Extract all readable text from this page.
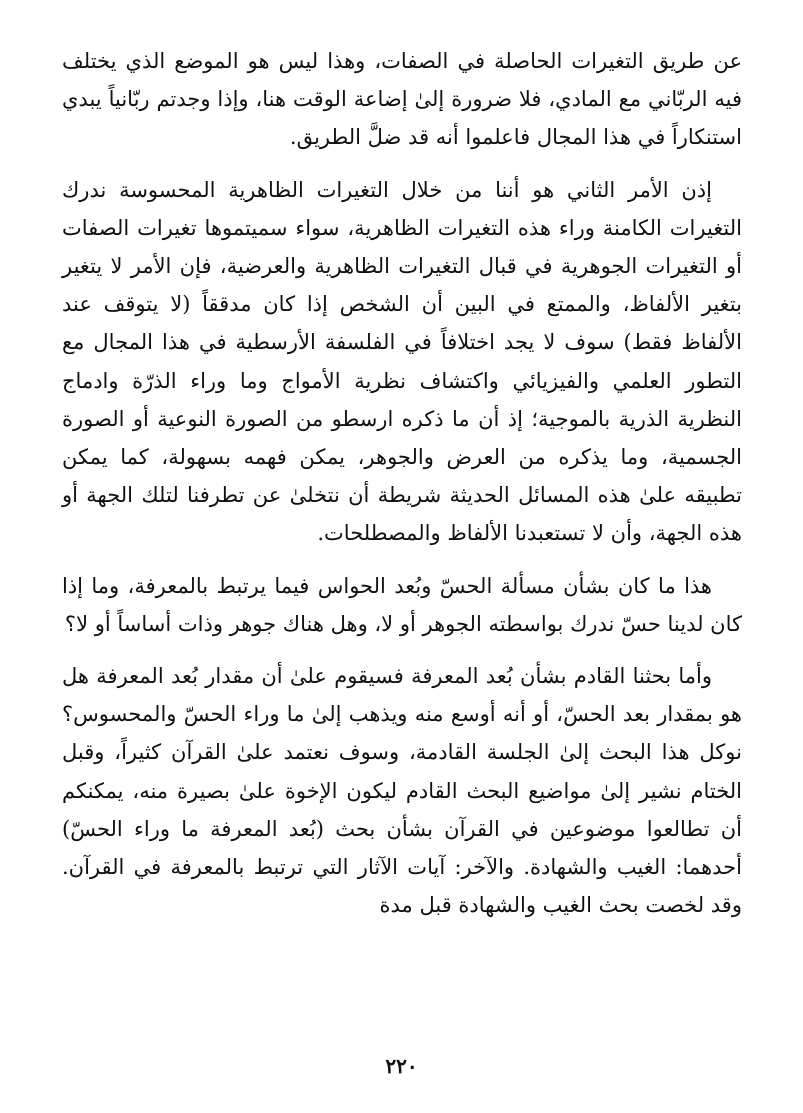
عن طريق التغيرات الحاصلة في الصفات، وهذا ليس هو الموضع الذي يختلف فيه الربّاني مع المادي، فلا ضرورة إلىٰ إضاعة الوقت هنا، وإذا وجدتم ربّانياً يبدي استنكاراً في هذا المجال فاعلموا أنه قد ضلَّ الطريق.

إذن الأمر الثاني هو أننا من خلال التغيرات الظاهرية المحسوسة ندرك التغيرات الكامنة وراء هذه التغيرات الظاهرية، سواء سميتموها تغيرات الصفات أو التغيرات الجوهرية في قبال التغيرات الظاهرية والعرضية، فإن الأمر لا يتغير بتغير الألفاظ، والممتع في البين أن الشخص إذا كان مدققاً (لا يتوقف عند الألفاظ فقط) سوف لا يجد اختلافاً في الفلسفة الأرسطية في هذا المجال مع التطور العلمي والفيزيائي واكتشاف نظرية الأمواج وما وراء الذرّة وادماج النظرية الذرية بالموجية؛ إذ أن ما ذكره ارسطو من الصورة النوعية أو الصورة الجسمية، وما يذكره من العرض والجوهر، يمكن فهمه بسهولة، كما يمكن تطبيقه علىٰ هذه المسائل الحديثة شريطة أن نتخلىٰ عن تطرفنا لتلك الجهة أو هذه الجهة، وأن لا تستعبدنا الألفاظ والمصطلحات.

هذا ما كان بشأن مسألة الحسّ وبُعد الحواس فيما يرتبط بالمعرفة، وما إذا كان لدينا حسّ ندرك بواسطته الجوهر أو لا، وهل هناك جوهر وذات أساساً أو لا؟

وأما بحثنا القادم بشأن بُعد المعرفة فسيقوم علىٰ أن مقدار بُعد المعرفة هل هو بمقدار بعد الحسّ، أو أنه أوسع منه ويذهب إلىٰ ما وراء الحسّ والمحسوس؟ نوكل هذا البحث إلىٰ الجلسة القادمة، وسوف نعتمد علىٰ القرآن كثيراً، وقبل الختام نشير إلىٰ مواضيع البحث القادم ليكون الإخوة علىٰ بصيرة منه، يمكنكم أن تطالعوا موضوعين في القرآن بشأن بحث (بُعد المعرفة ما وراء الحسّ) أحدهما: الغيب والشهادة. والآخر: آيات الآثار التي ترتبط بالمعرفة في القرآن. وقد لخصت بحث الغيب والشهادة قبل مدة

٢٢٠
